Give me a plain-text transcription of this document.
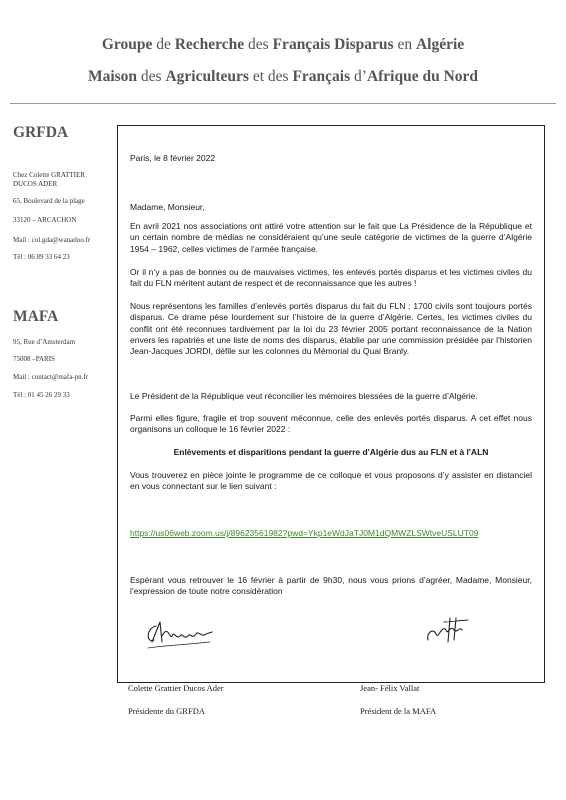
Groupe de Recherche des Français Disparus en Algérie
Maison des Agriculteurs et des Français d’Afrique du Nord
GRFDA
Chez Colette GRATTIER
DUCOS ADER
65, Boulevard de la plage
33120 – ARCACHON
Mail : col.gda@wanadoo.fr
Tél : 06 89 33 64 23
MAFA
95, Rue d’Amsterdam
75008 –PARIS
Mail : contact@mafa-pn.fr
Tél : 01 45 26 29 33
Paris, le 8 février 2022
Madame, Monsieur,
En avril 2021 nos associations ont attiré votre attention sur le fait que La Présidence de la République et un certain nombre de médias ne considéraient qu’une seule catégorie de victimes de la guerre d’Algérie 1954 – 1962, celles victimes de l’armée française.
Or il n’y a pas de bonnes ou de mauvaises victimes, les enlevés portés disparus et les victimes civiles du fait du FLN méritent autant de respect et de reconnaissance que les autres !
Nous représentons les familles d’enlevés portés disparus du fait du FLN : 1700 civils sont toujours portés disparus. Ce drame pèse lourdement sur l’histoire de la guerre d’Algérie. Certes, les victimes civiles du conflit ont été reconnues tardivement par la loi du 23 février 2005 portant reconnaissance de la Nation envers les rapatriés et une liste de noms des disparus, établie par une commission présidée par l’historien Jean-Jacques JORDI, défile sur les colonnes du Mémorial du Quai Branly.
Le Président de la République veut réconcilier les mémoires blessées de la guerre d’Algérie.
Parmi elles figure, fragile et trop souvent méconnue, celle des enlevés portés disparus. A cet effet nous organisons un colloque le 16 février 2022 :
Enlèvements et disparitions pendant la guerre d'Algérie dus au FLN et à l'ALN
Vous trouverez en pièce jointe le programme de ce colloque et vous proposons d’y assister en distanciel en vous connectant sur le lien suivant :
https://us06web.zoom.us/j/89623561982?pwd=Ykp1eWdJaTJ0M1dQMWZLSWtveUSLUT09
Espérant vous retrouver le 16 février à partir de 9h30, nous vous prions d’agréer, Madame, Monsieur, l’expression de toute notre considération
Colette Grattier Ducos Ader
Présidente du GRFDA
Jean- Félix Vallat
Président de la MAFA
